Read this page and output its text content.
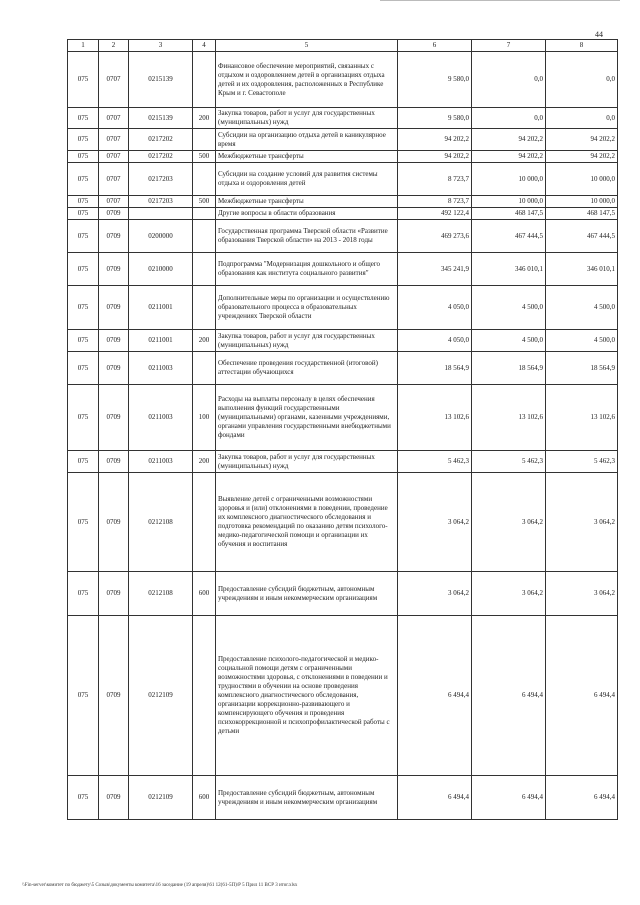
44
1	2	3	4	5	6	7	8
075	0707	0215139		Финансовое обеспечение мероприятий, связанных с отдыхом и оздоровлением детей в организациях отдыха детей и их оздоровления, расположенных в Республике Крым и г. Севастополе	9 580,0	0,0	0,0
075	0707	0215139	200	Закупка товаров, работ и услуг для государственных (муниципальных) нужд	9 580,0	0,0	0,0
075	0707	0217202		Субсидии на организацию отдыха детей в каникулярное время	94 202,2	94 202,2	94 202,2
075	0707	0217202	500	Межбюджетные трансферты	94 202,2	94 202,2	94 202,2
075	0707	0217203		Субсидии на создание условий для развития системы отдыха и оздоровления детей	8 723,7	10 000,0	10 000,0
075	0707	0217203	500	Межбюджетные трансферты	8 723,7	10 000,0	10 000,0
075	0709			Другие вопросы в области образования	492 122,4	468 147,5	468 147,5
075	0709	0200000		Государственная программа Тверской области «Развитие образования Тверской области» на 2013 - 2018 годы	469 273,6	467 444,5	467 444,5
075	0709	0210000		Подпрограмма "Модернизация дошкольного и общего образования как института социального развития"	345 241,9	346 010,1	346 010,1
075	0709	0211001		Дополнительные меры по организации и осуществлению образовательного процесса в образовательных учреждениях Тверской области	4 050,0	4 500,0	4 500,0
075	0709	0211001	200	Закупка товаров, работ и услуг для государственных (муниципальных) нужд	4 050,0	4 500,0	4 500,0
075	0709	0211003		Обеспечение проведения государственной (итоговой) аттестации обучающихся	18 564,9	18 564,9	18 564,9
075	0709	0211003	100	Расходы на выплаты персоналу в целях обеспечения выполнения функций государственными (муниципальными) органами, казенными учреждениями, органами управления государственными внебюджетными фондами	13 102,6	13 102,6	13 102,6
075	0709	0211003	200	Закупка товаров, работ и услуг для государственных (муниципальных) нужд	5 462,3	5 462,3	5 462,3
075	0709	0212108		Выявление детей с ограниченными возможностями здоровья и (или) отклонениями в поведении, проведение их комплексного диагностического обследования и подготовка рекомендаций по оказанию детям психолого-медико-педагогической помощи и организации их обучения и воспитания	3 064,2	3 064,2	3 064,2
075	0709	0212108	600	Предоставление субсидий бюджетным, автономным учреждениям и иным некоммерческим организациям	3 064,2	3 064,2	3 064,2
075	0709	0212109		Предоставление психолого-педагогической и медико-социальной помощи детям с ограниченными возможностями здоровья, с отклонениями в поведении и трудностями в обучении на основе проведения комплексного диагностического обследования, организации коррекционно-развивающего и компенсирующего обучения и проведения психокоррекционной и психопрофилактической работы с детьми	6 494,4	6 494,4	6 494,4
075	0709	0212109	600	Предоставление субсидий бюджетным, автономным учреждениям и иным некоммерческим организациям	6 494,4	6 494,4	6 494,4
\\Fin-server\комитет по бюджету\5 Созыв\документы комитета\16 заседание (19 апреля)\61 12(61-5П)\Р 5 Прил 11 ВСР 3 итог.xlsx
